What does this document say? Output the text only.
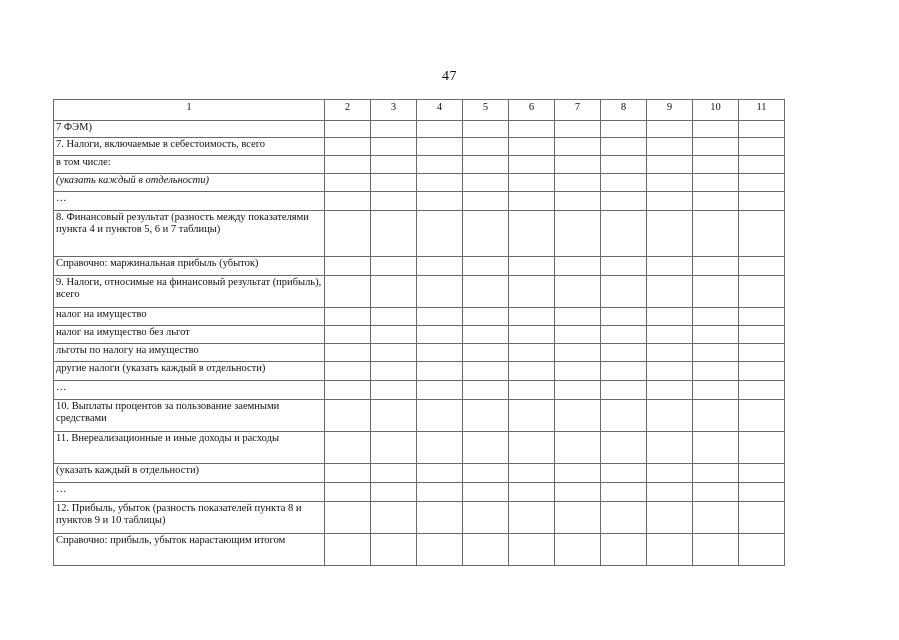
47
1	2	3	4	5	6	7	8	9	10	11
7 ФЭМ)										
7. Налоги, включаемые в себестоимость, всего										
в том числе:										
(указать каждый в отдельности)										
…										
8. Финансовый результат (разность между показателями пункта 4 и пунктов 5, 6 и 7 таблицы)										
Справочно: маржинальная прибыль (убыток)										
9. Налоги, относимые на финансовый результат (прибыль), всего										
налог на имущество										
налог на имущество без льгот										
льготы по налогу на имущество										
другие налоги (указать каждый в отдельности)										
…										
10. Выплаты процентов за пользование заемными средствами										
11. Внереализационные и иные доходы и расходы										
(указать каждый в отдельности)										
…										
12. Прибыль, убыток (разность показателей пункта 8 и пунктов 9 и 10 таблицы)										
Справочно: прибыль, убыток нарастающим итогом										
